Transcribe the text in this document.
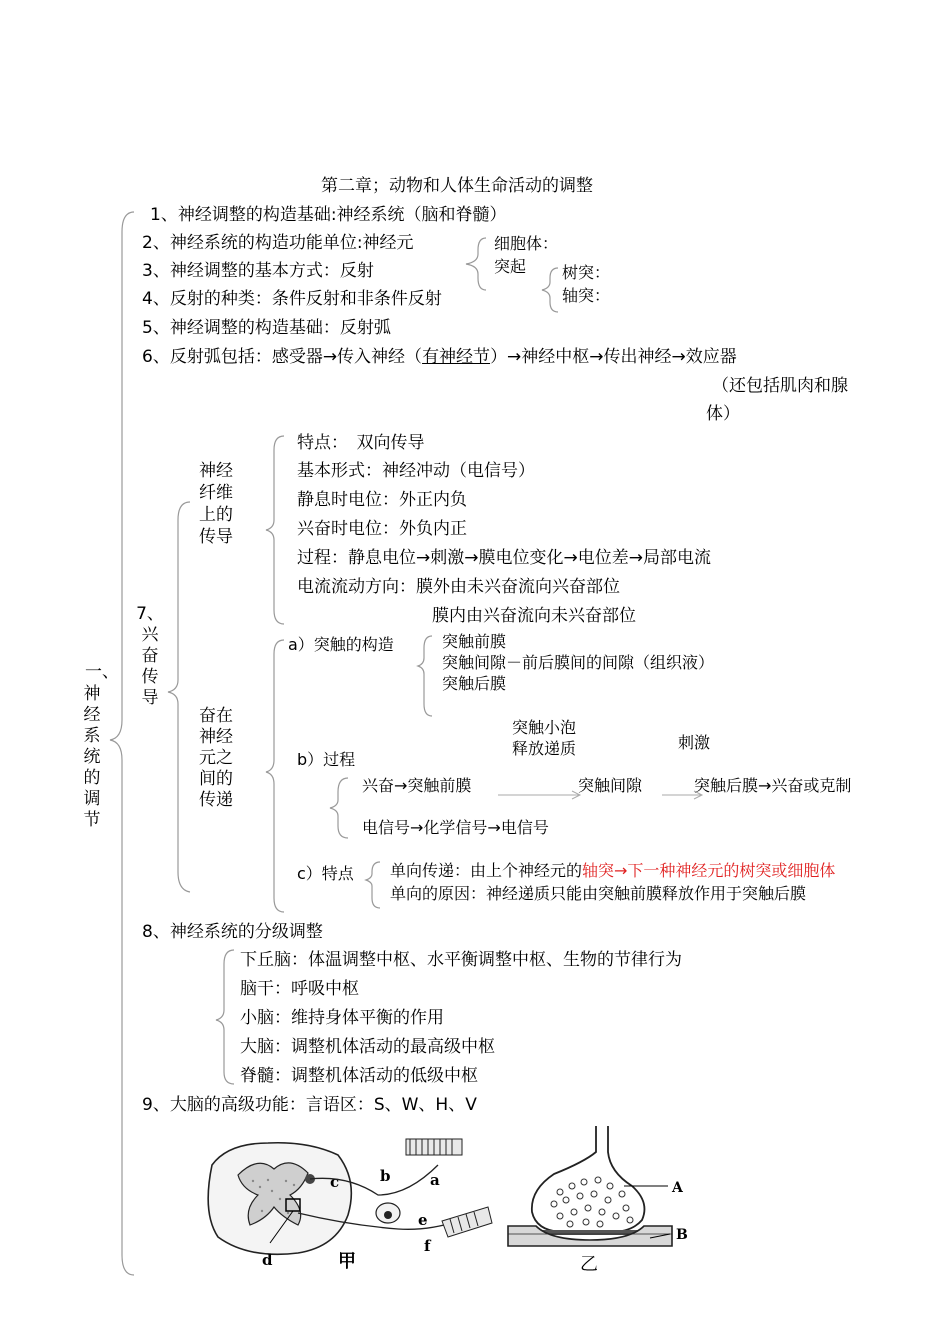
第二章；动物和人体生命活动的调整
一、
神
经
系
统
的
调
节
1、神经调整的构造基础:神经系统（脑和脊髓）
2、神经系统的构造功能单位:神经元
3、神经调整的基本方式：反射
4、反射的种类：条件反射和非条件反射
5、神经调整的构造基础：反射弧
6、反射弧包括：感受器→传入神经（有神经节）→神经中枢→传出神经→效应器
（还包括肌肉和腺
体）
细胞体：
突起 树突：
轴突：
7、
兴
奋
传
导
神经
纤维
上的
传导
特点：　双向传导
基本形式：神经冲动（电信号）
静息时电位：外正内负
兴奋时电位：外负内正
过程：静息电位→刺激→膜电位变化→电位差→局部电流
电流流动方向：膜外由未兴奋流向兴奋部位
膜内由兴奋流向未兴奋部位
奋在
神经
元之
间的
传递
a）突触的构造	突触前膜
突触间隙－前后膜间的间隙（组织液）
突触后膜
突触小泡
释放递质	刺激
b）过程
兴奋→突触前膜	突触间隙	突触后膜→兴奋或克制
电信号→化学信号→电信号
c）特点 单向传递：由上个神经元的轴突→下一种神经元的树突或细胞体
单向的原因：神经递质只能由突触前膜释放作用于突触后膜
8、神经系统的分级调整
下丘脑：体温调整中枢、水平衡调整中枢、生物的节律行为
脑干：呼吸中枢
小脑：维持身体平衡的作用
大脑：调整机体活动的最高级中枢
脊髓：调整机体活动的低级中枢
9、大脑的高级功能：言语区：S、W、H、V
c
d
b
e
f
a
甲
A
B
乙
